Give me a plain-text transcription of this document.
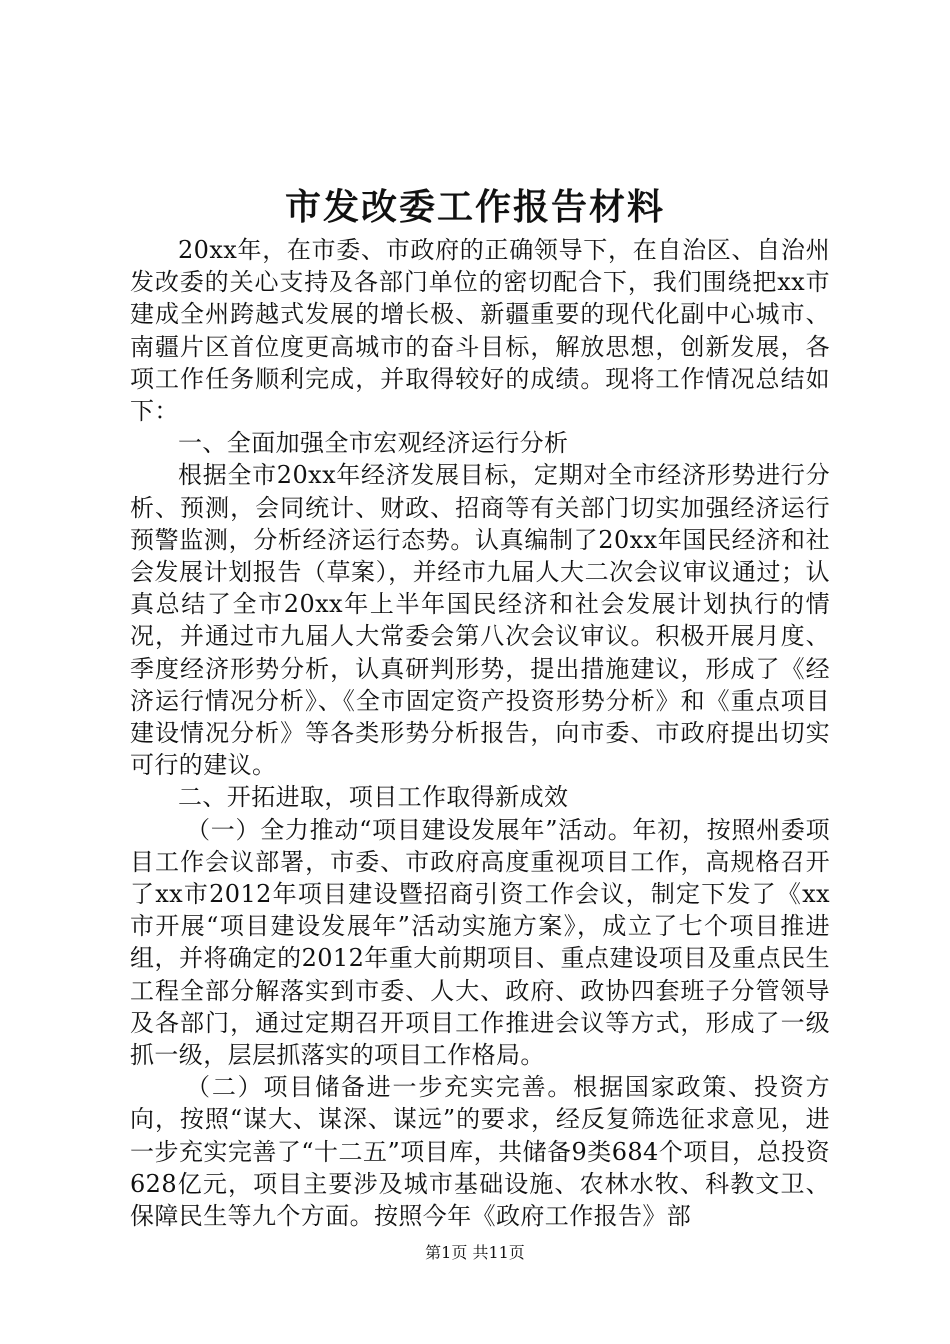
市发改委工作报告材料

20xx年，在市委、市政府的正确领导下，在自治区、自治州发改委的关心支持及各部门单位的密切配合下，我们围绕把xx市建成全州跨越式发展的增长极、新疆重要的现代化副中心城市、南疆片区首位度更高城市的奋斗目标，解放思想，创新发展，各项工作任务顺利完成，并取得较好的成绩。现将工作情况总结如下：

一、全面加强全市宏观经济运行分析

根据全市20xx年经济发展目标，定期对全市经济形势进行分析、预测，会同统计、财政、招商等有关部门切实加强经济运行预警监测，分析经济运行态势。认真编制了20xx年国民经济和社会发展计划报告（草案），并经市九届人大二次会议审议通过；认真总结了全市20xx年上半年国民经济和社会发展计划执行的情况，并通过市九届人大常委会第八次会议审议。积极开展月度、季度经济形势分析，认真研判形势，提出措施建议，形成了《经济运行情况分析》、《全市固定资产投资形势分析》和《重点项目建设情况分析》等各类形势分析报告，向市委、市政府提出切实可行的建议。

二、开拓进取，项目工作取得新成效

（一）全力推动“项目建设发展年”活动。年初，按照州委项目工作会议部署，市委、市政府高度重视项目工作，高规格召开了xx市2012年项目建设暨招商引资工作会议，制定下发了《xx市开展“项目建设发展年”活动实施方案》，成立了七个项目推进组，并将确定的2012年重大前期项目、重点建设项目及重点民生工程全部分解落实到市委、人大、政府、政协四套班子分管领导及各部门，通过定期召开项目工作推进会议等方式，形成了一级抓一级，层层抓落实的项目工作格局。

（二）项目储备进一步充实完善。根据国家政策、投资方向，按照“谋大、谋深、谋远”的要求，经反复筛选征求意见，进一步充实完善了“十二五”项目库，共储备9类684个项目，总投资628亿元，项目主要涉及城市基础设施、农林水牧、科教文卫、保障民生等九个方面。按照今年《政府工作报告》部

第1页 共11页
